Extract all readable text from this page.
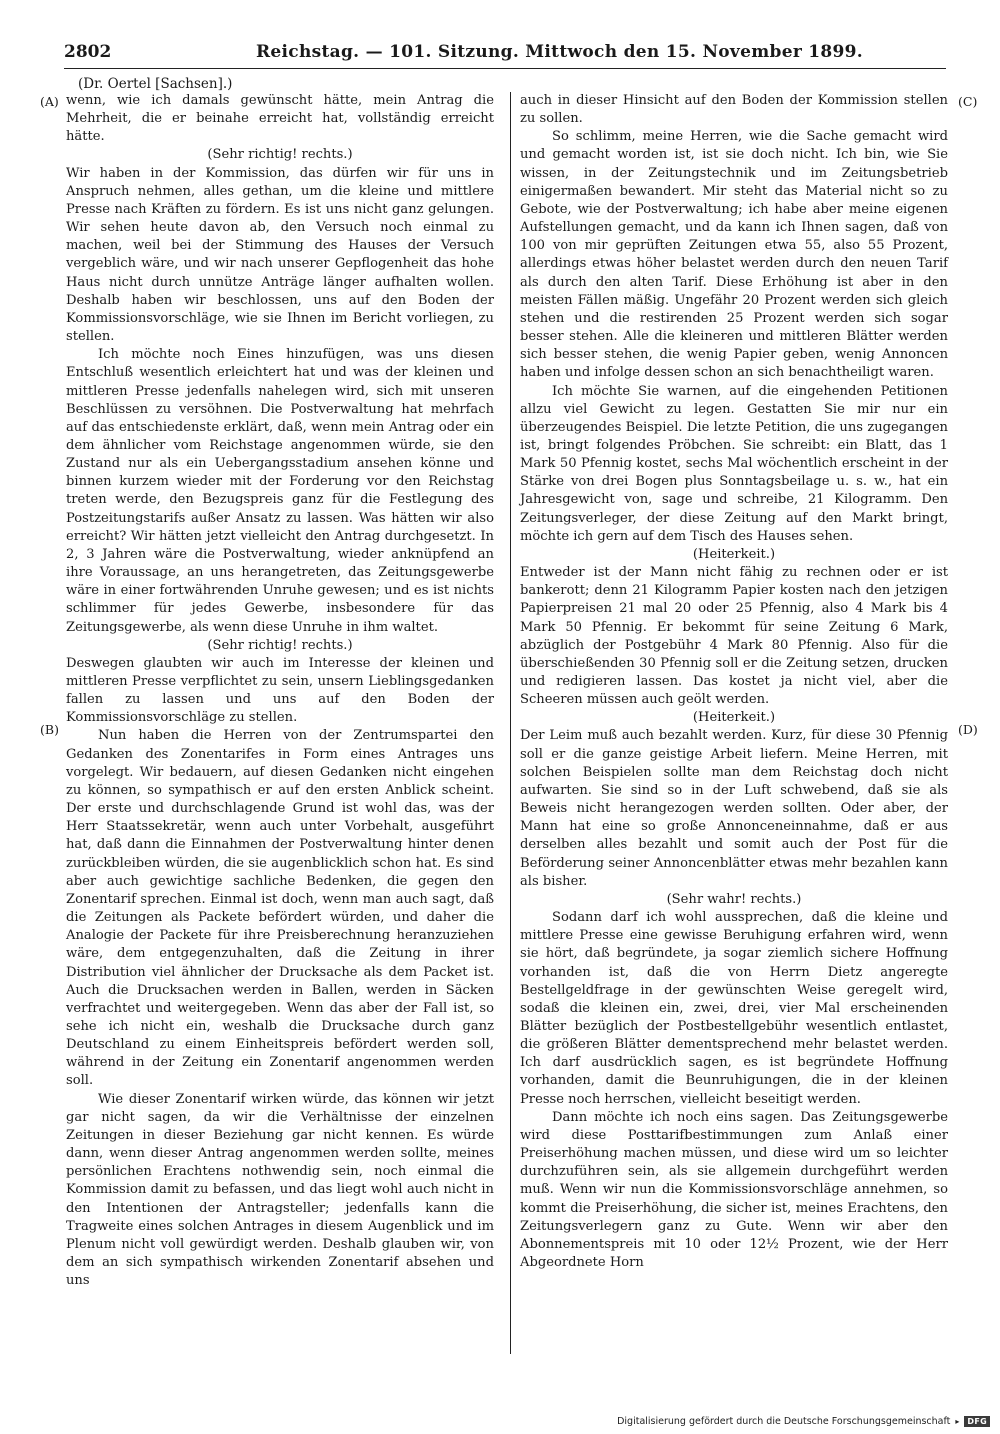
2802	Reichstag. — 101. Sitzung. Mittwoch den 15. November 1899.
(Dr. Oertel [Sachsen].)
(A)
(B)
(C)
(D)

wenn, wie ich damals gewünscht hätte, mein Antrag die Mehrheit, die er beinahe erreicht hat, vollständig erreicht hätte.

(Sehr richtig! rechts.)

Wir haben in der Kommission, das dürfen wir für uns in Anspruch nehmen, alles gethan, um die kleine und mittlere Presse nach Kräften zu fördern. Es ist uns nicht ganz gelungen. Wir sehen heute davon ab, den Versuch noch einmal zu machen, weil bei der Stimmung des Hauses der Versuch vergeblich wäre, und wir nach unserer Gepflogenheit das hohe Haus nicht durch unnütze Anträge länger aufhalten wollen. Deshalb haben wir beschlossen, uns auf den Boden der Kommissionsvorschläge, wie sie Ihnen im Bericht vorliegen, zu stellen.

Ich möchte noch Eines hinzufügen, was uns diesen Entschluß wesentlich erleichtert hat und was der kleinen und mittleren Presse jedenfalls nahelegen wird, sich mit unseren Beschlüssen zu versöhnen. Die Postverwaltung hat mehrfach auf das entschiedenste erklärt, daß, wenn mein Antrag oder ein dem ähnlicher vom Reichstage angenommen würde, sie den Zustand nur als ein Uebergangsstadium ansehen könne und binnen kurzem wieder mit der Forderung vor den Reichstag treten werde, den Bezugspreis ganz für die Festlegung des Postzeitungstarifs außer Ansatz zu lassen. Was hätten wir also erreicht? Wir hätten jetzt vielleicht den Antrag durchgesetzt. In 2, 3 Jahren wäre die Postverwaltung, wieder anknüpfend an ihre Voraussage, an uns herangetreten, das Zeitungsgewerbe wäre in einer fortwährenden Unruhe gewesen; und es ist nichts schlimmer für jedes Gewerbe, insbesondere für das Zeitungsgewerbe, als wenn diese Unruhe in ihm waltet.

(Sehr richtig! rechts.)

Deswegen glaubten wir auch im Interesse der kleinen und mittleren Presse verpflichtet zu sein, unsern Lieblingsgedanken fallen zu lassen und uns auf den Boden der Kommissionsvorschläge zu stellen.

Nun haben die Herren von der Zentrumspartei den Gedanken des Zonentarifes in Form eines Antrages uns vorgelegt. Wir bedauern, auf diesen Gedanken nicht eingehen zu können, so sympathisch er auf den ersten Anblick scheint. Der erste und durchschlagende Grund ist wohl das, was der Herr Staatssekretär, wenn auch unter Vorbehalt, ausgeführt hat, daß dann die Einnahmen der Postverwaltung hinter denen zurückbleiben würden, die sie augenblicklich schon hat. Es sind aber auch gewichtige sachliche Bedenken, die gegen den Zonentarif sprechen. Einmal ist doch, wenn man auch sagt, daß die Zeitungen als Packete befördert würden, und daher die Analogie der Packete für ihre Preisberechnung heranzuziehen wäre, dem entgegenzuhalten, daß die Zeitung in ihrer Distribution viel ähnlicher der Drucksache als dem Packet ist. Auch die Drucksachen werden in Ballen, werden in Säcken verfrachtet und weitergegeben. Wenn das aber der Fall ist, so sehe ich nicht ein, weshalb die Drucksache durch ganz Deutschland zu einem Einheitspreis befördert werden soll, während in der Zeitung ein Zonentarif angenommen werden soll.

Wie dieser Zonentarif wirken würde, das können wir jetzt gar nicht sagen, da wir die Verhältnisse der einzelnen Zeitungen in dieser Beziehung gar nicht kennen. Es würde dann, wenn dieser Antrag angenommen werden sollte, meines persönlichen Erachtens nothwendig sein, noch einmal die Kommission damit zu befassen, und das liegt wohl auch nicht in den Intentionen der Antragsteller; jedenfalls kann die Tragweite eines solchen Antrages in diesem Augenblick und im Plenum nicht voll gewürdigt werden. Deshalb glauben wir, von dem an sich sympathisch wirkenden Zonentarif absehen und uns

auch in dieser Hinsicht auf den Boden der Kommission stellen zu sollen.

So schlimm, meine Herren, wie die Sache gemacht wird und gemacht worden ist, ist sie doch nicht. Ich bin, wie Sie wissen, in der Zeitungstechnik und im Zeitungsbetrieb einigermaßen bewandert. Mir steht das Material nicht so zu Gebote, wie der Postverwaltung; ich habe aber meine eigenen Aufstellungen gemacht, und da kann ich Ihnen sagen, daß von 100 von mir geprüften Zeitungen etwa 55, also 55 Prozent, allerdings etwas höher belastet werden durch den neuen Tarif als durch den alten Tarif. Diese Erhöhung ist aber in den meisten Fällen mäßig. Ungefähr 20 Prozent werden sich gleich stehen und die restirenden 25 Prozent werden sich sogar besser stehen. Alle die kleineren und mittleren Blätter werden sich besser stehen, die wenig Papier geben, wenig Annoncen haben und infolge dessen schon an sich benachtheiligt waren.

Ich möchte Sie warnen, auf die eingehenden Petitionen allzu viel Gewicht zu legen. Gestatten Sie mir nur ein überzeugendes Beispiel. Die letzte Petition, die uns zugegangen ist, bringt folgendes Pröbchen. Sie schreibt: ein Blatt, das 1 Mark 50 Pfennig kostet, sechs Mal wöchentlich erscheint in der Stärke von drei Bogen plus Sonntagsbeilage u. s. w., hat ein Jahresgewicht von, sage und schreibe, 21 Kilogramm. Den Zeitungsverleger, der diese Zeitung auf den Markt bringt, möchte ich gern auf dem Tisch des Hauses sehen.

(Heiterkeit.)

Entweder ist der Mann nicht fähig zu rechnen oder er ist bankerott; denn 21 Kilogramm Papier kosten nach den jetzigen Papierpreisen 21 mal 20 oder 25 Pfennig, also 4 Mark bis 4 Mark 50 Pfennig. Er bekommt für seine Zeitung 6 Mark, abzüglich der Postgebühr 4 Mark 80 Pfennig. Also für die überschießenden 30 Pfennig soll er die Zeitung setzen, drucken und redigieren lassen. Das kostet ja nicht viel, aber die Scheeren müssen auch geölt werden.

(Heiterkeit.)

Der Leim muß auch bezahlt werden. Kurz, für diese 30 Pfennig soll er die ganze geistige Arbeit liefern. Meine Herren, mit solchen Beispielen sollte man dem Reichstag doch nicht aufwarten. Sie sind so in der Luft schwebend, daß sie als Beweis nicht herangezogen werden sollten. Oder aber, der Mann hat eine so große Annonceneinnahme, daß er aus derselben alles bezahlt und somit auch der Post für die Beförderung seiner Annoncenblätter etwas mehr bezahlen kann als bisher.

(Sehr wahr! rechts.)

Sodann darf ich wohl aussprechen, daß die kleine und mittlere Presse eine gewisse Beruhigung erfahren wird, wenn sie hört, daß begründete, ja sogar ziemlich sichere Hoffnung vorhanden ist, daß die von Herrn Dietz angeregte Bestellgeldfrage in der gewünschten Weise geregelt wird, sodaß die kleinen ein, zwei, drei, vier Mal erscheinenden Blätter bezüglich der Postbestellgebühr wesentlich entlastet, die größeren Blätter dementsprechend mehr belastet werden. Ich darf ausdrücklich sagen, es ist begründete Hoffnung vorhanden, damit die Beunruhigungen, die in der kleinen Presse noch herrschen, vielleicht beseitigt werden.

Dann möchte ich noch eins sagen. Das Zeitungsgewerbe wird diese Posttarifbestimmungen zum Anlaß einer Preiserhöhung machen müssen, und diese wird um so leichter durchzuführen sein, als sie allgemein durchgeführt werden muß. Wenn wir nun die Kommissionsvorschläge annehmen, so kommt die Preiserhöhung, die sicher ist, meines Erachtens, den Zeitungsverlegern ganz zu Gute. Wenn wir aber den Abonnementspreis mit 10 oder 12½ Prozent, wie der Herr Abgeordnete Horn

Digitalisierung gefördert durch die Deutsche Forschungsgemeinschaft ▸	DFG
